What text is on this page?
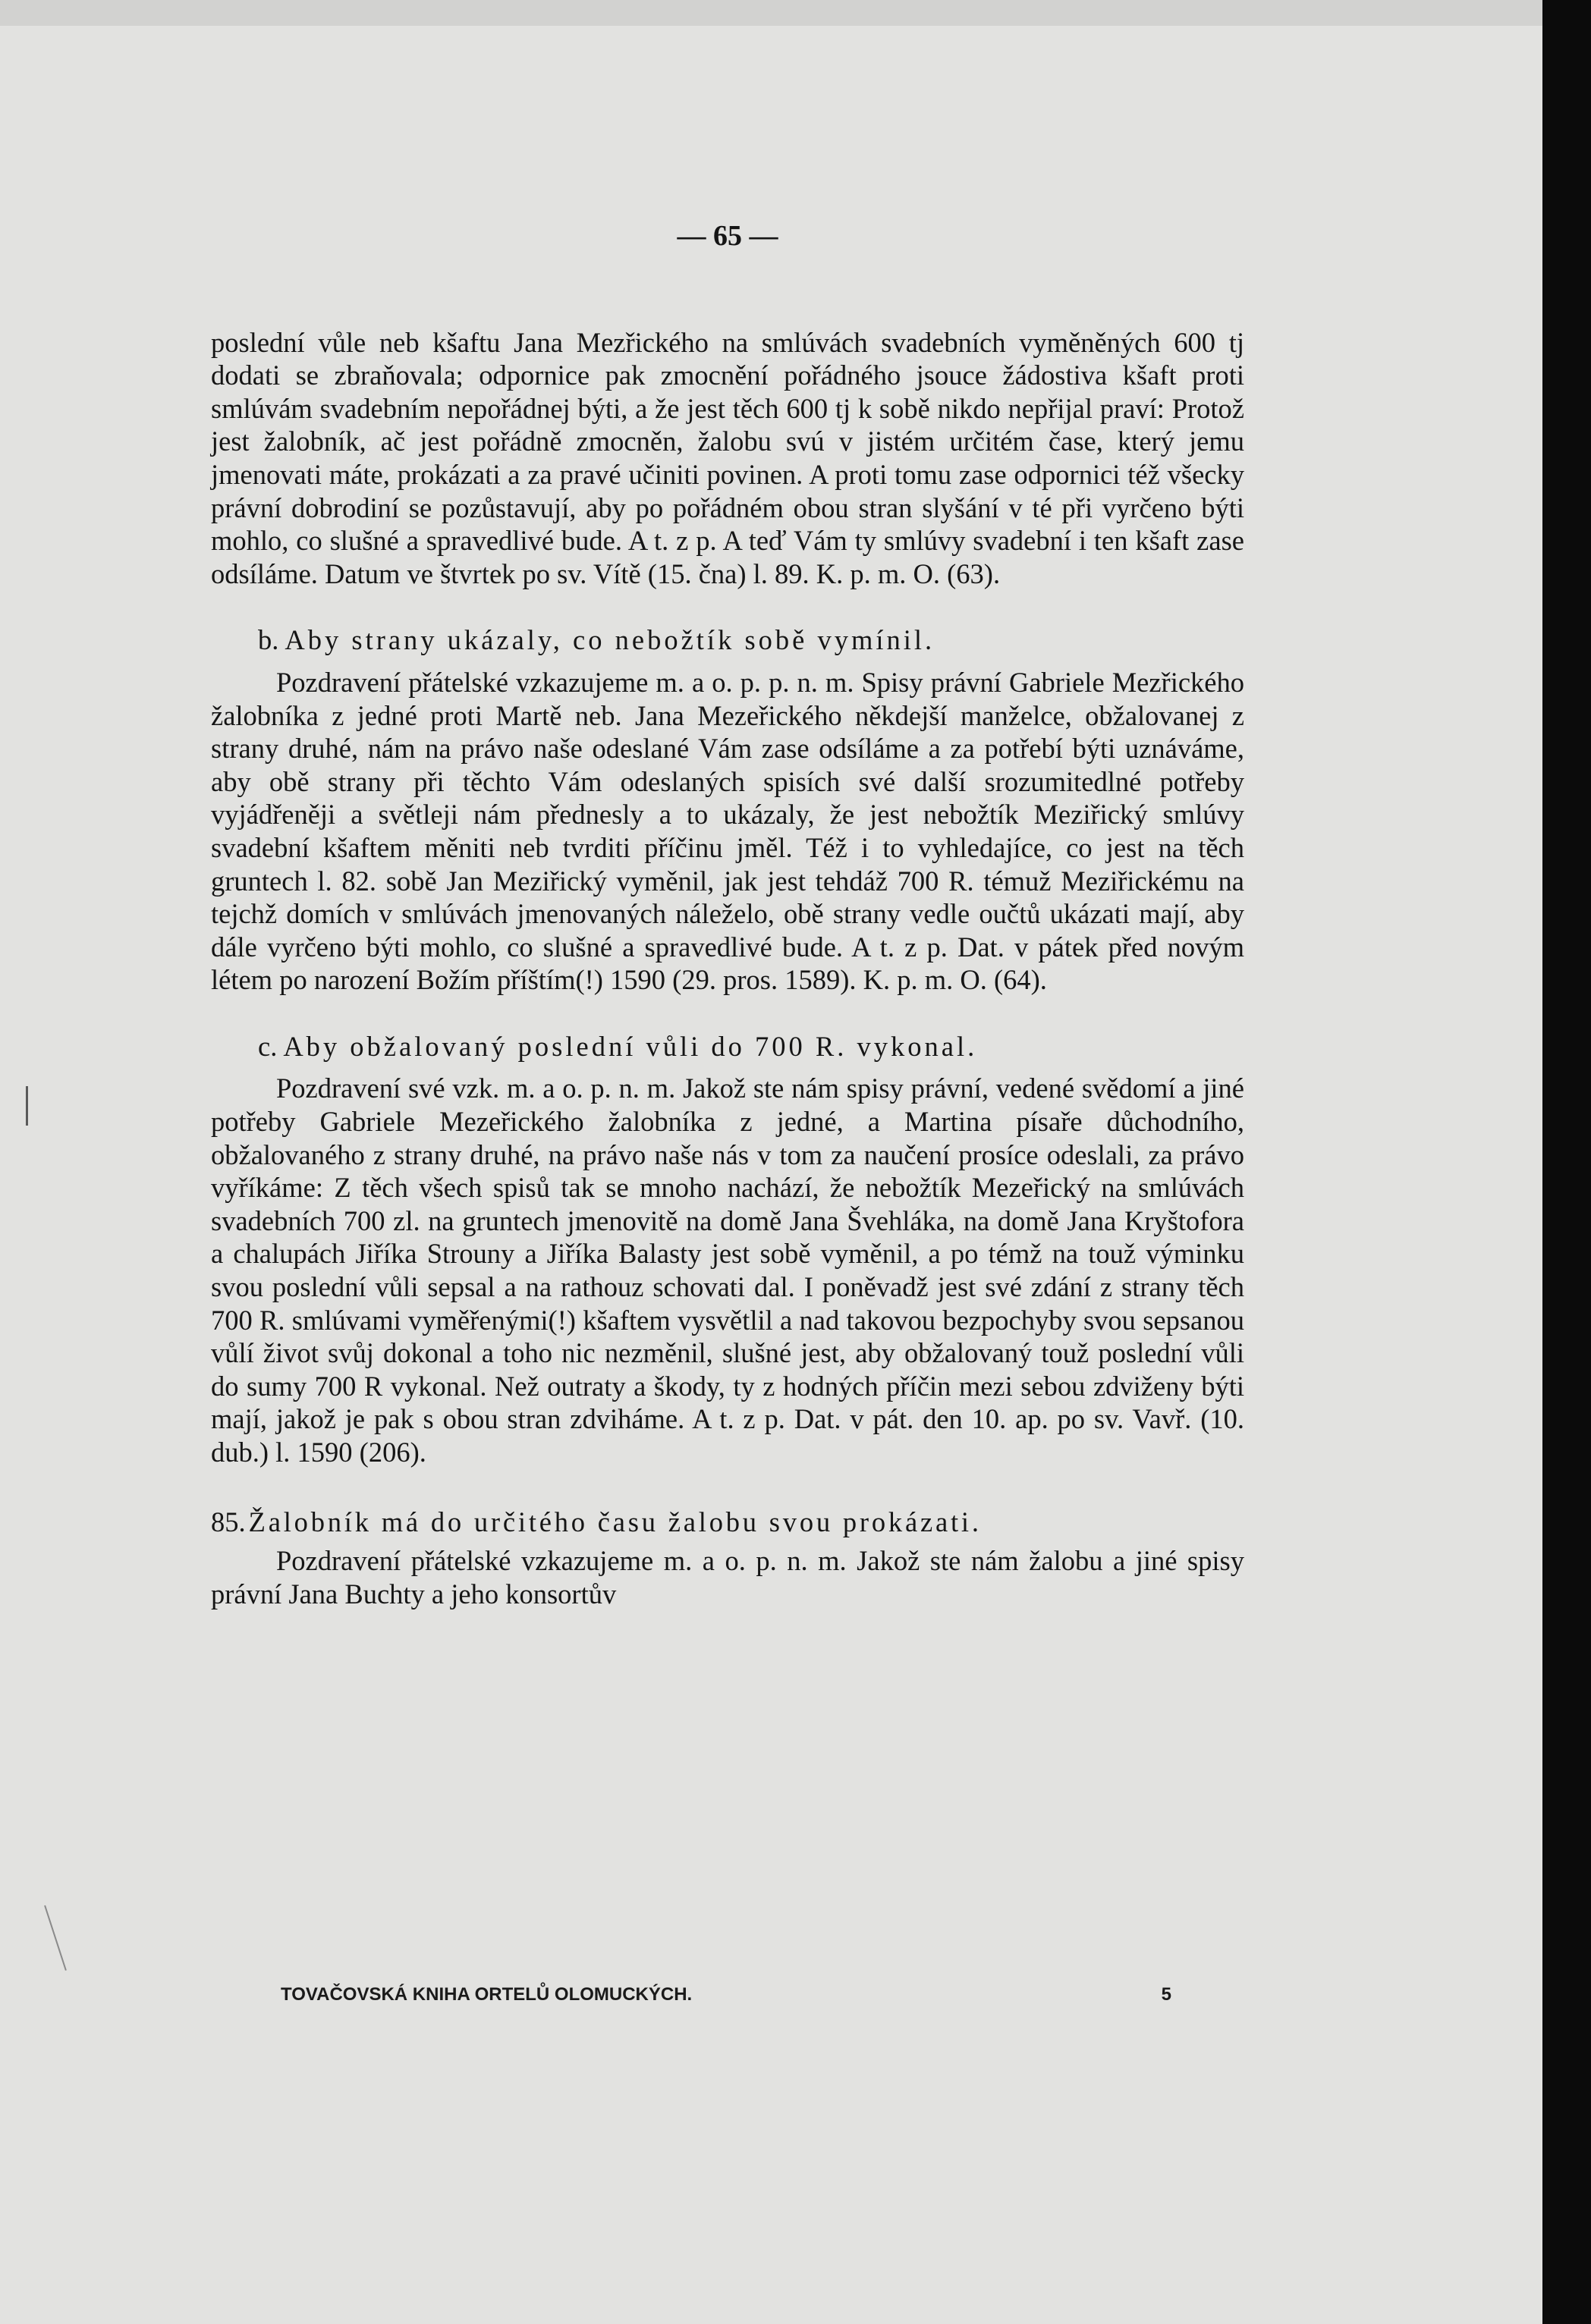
— 65 —

poslední vůle neb kšaftu Jana Mezřického na smlúvách svadebních vyměněných 600 tj dodati se zbraňovala; odpornice pak zmocnění pořádného jsouce žádostiva kšaft proti smlúvám svadebním nepořádnej býti, a že jest těch 600 tj k sobě nikdo nepřijal praví: Protož jest žalobník, ač jest pořádně zmocněn, žalobu svú v jistém určitém čase, který jemu jmenovati máte, prokázati a za pravé učiniti povinen. A proti tomu zase odpornici též všecky právní dobrodiní se pozůstavují, aby po pořádném obou stran slyšání v té při vyrčeno býti mohlo, co slušné a spravedlivé bude. A t. z p. A teď Vám ty smlúvy svadební i ten kšaft zase odsíláme. Datum ve štvrtek po sv. Vítě (15. čna) l. 89. K. p. m. O. (63).

b. Aby strany ukázaly, co nebožtík sobě vymínil.

Pozdravení přátelské vzkazujeme m. a o. p. p. n. m. Spisy právní Gabriele Mezřického žalobníka z jedné proti Martě neb. Jana Mezeřického někdejší manželce, obžalovanej z strany druhé, nám na právo naše odeslané Vám zase odsíláme a za potřebí býti uznáváme, aby obě strany při těchto Vám odeslaných spisích své další srozumitedlné potřeby vyjádřeněji a světleji nám přednesly a to ukázaly, že jest nebožtík Meziřický smlúvy svadební kšaftem měniti neb tvrditi příčinu jměl. Též i to vyhledajíce, co jest na těch gruntech l. 82. sobě Jan Meziřický vyměnil, jak jest tehdáž 700 R. témuž Meziřickému na tejchž domích v smlúvách jmenovaných náleželo, obě strany vedle oučtů ukázati mají, aby dále vyrčeno býti mohlo, co slušné a spravedlivé bude. A t. z p. Dat. v pátek před novým létem po narození Božím příštím(!) 1590 (29. pros. 1589). K. p. m. O. (64).

c. Aby obžalovaný poslední vůli do 700 R. vykonal.

Pozdravení své vzk. m. a o. p. n. m. Jakož ste nám spisy právní, vedené svědomí a jiné potřeby Gabriele Mezeřického žalobníka z jedné, a Martina písaře důchodního, obžalovaného z strany druhé, na právo naše nás v tom za naučení prosíce odeslali, za právo vyříkáme: Z těch všech spisů tak se mnoho nachází, že nebožtík Mezeřický na smlúvách svadebních 700 zl. na gruntech jmenovitě na domě Jana Švehláka, na domě Jana Kryštofora a chalupách Jiříka Strouny a Jiříka Balasty jest sobě vyměnil, a po témž na touž výminku svou poslední vůli sepsal a na rathouz schovati dal. I poněvadž jest své zdání z strany těch 700 R. smlúvami vyměřenými(!) kšaftem vysvětlil a nad takovou bezpochyby svou sepsanou vůlí život svůj dokonal a toho nic nezměnil, slušné jest, aby obžalovaný touž poslední vůli do sumy 700 R vykonal. Než outraty a škody, ty z hodných příčin mezi sebou zdviženy býti mají, jakož je pak s obou stran zdviháme. A t. z p. Dat. v pát. den 10. ap. po sv. Vavř. (10. dub.) l. 1590 (206).

85. Žalobník má do určitého času žalobu svou prokázati.

Pozdravení přátelské vzkazujeme m. a o. p. n. m. Jakož ste nám žalobu a jiné spisy právní Jana Buchty a jeho konsortův

TOVAČOVSKÁ KNIHA ORTELŮ OLOMUCKÝCH.	5
